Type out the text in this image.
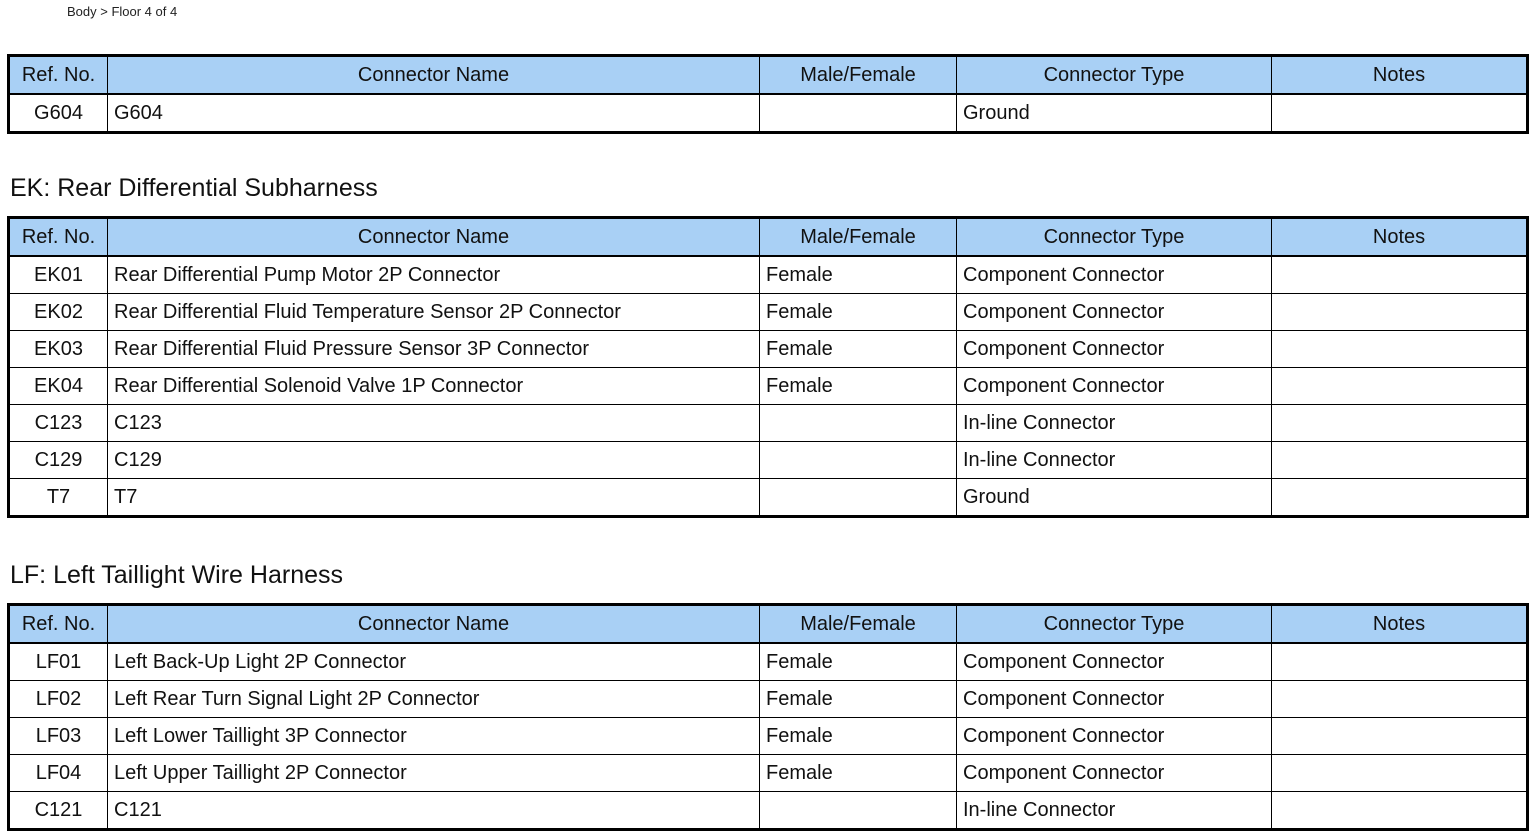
Body > Floor 4 of 4
EK: Rear Differential Subharness
LF: Left Taillight Wire Harness
Ref. No.	Connector Name	Male/Female	Connector Type	Notes
G604	G604		Ground	
Ref. No.	Connector Name	Male/Female	Connector Type	Notes
EK01	Rear Differential Pump Motor 2P Connector	Female	Component Connector	
EK02	Rear Differential Fluid Temperature Sensor 2P Connector	Female	Component Connector	
EK03	Rear Differential Fluid Pressure Sensor 3P Connector	Female	Component Connector	
EK04	Rear Differential Solenoid Valve 1P Connector	Female	Component Connector	
C123	C123		In-line Connector	
C129	C129		In-line Connector	
T7	T7		Ground	
Ref. No.	Connector Name	Male/Female	Connector Type	Notes
LF01	Left Back-Up Light 2P Connector	Female	Component Connector	
LF02	Left Rear Turn Signal Light 2P Connector	Female	Component Connector	
LF03	Left Lower Taillight 3P Connector	Female	Component Connector	
LF04	Left Upper Taillight 2P Connector	Female	Component Connector	
C121	C121		In-line Connector	
